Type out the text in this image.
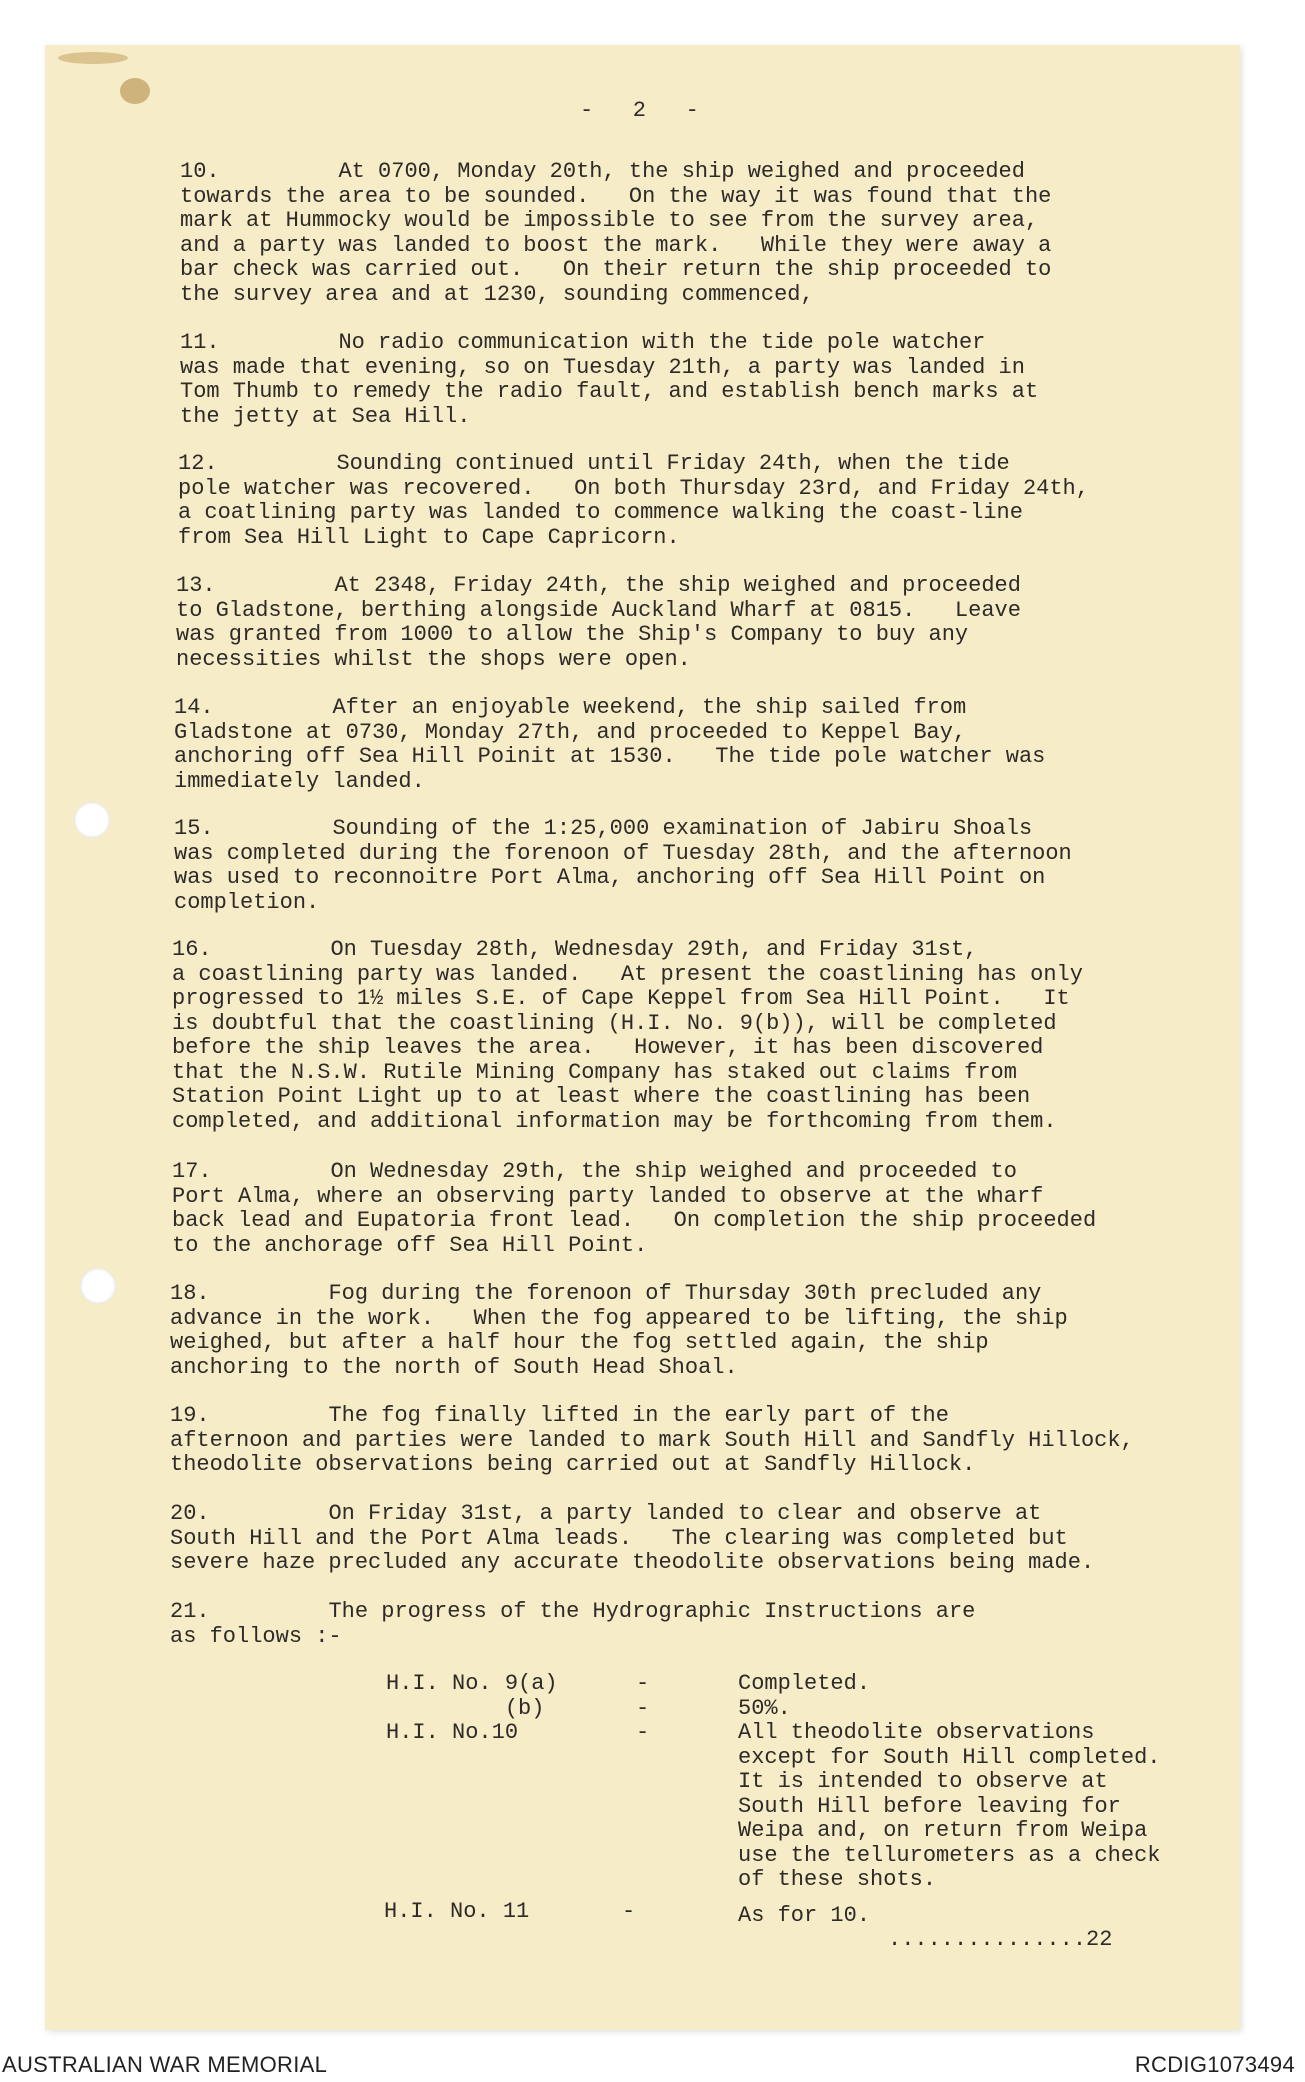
-   2   -
10.	At 0700, Monday 20th, the ship weighed and proceeded
towards the area to be sounded.   On the way it was found that the
mark at Hummocky would be impossible to see from the survey area,
and a party was landed to boost the mark.   While they were away a
bar check was carried out.   On their return the ship proceeded to
the survey area and at 1230, sounding commenced,
11.	No radio communication with the tide pole watcher
was made that evening, so on Tuesday 21th, a party was landed in
Tom Thumb to remedy the radio fault, and establish bench marks at
the jetty at Sea Hill.
12.	Sounding continued until Friday 24th, when the tide
pole watcher was recovered.   On both Thursday 23rd, and Friday 24th,
a coatlining party was landed to commence walking the coast-line
from Sea Hill Light to Cape Capricorn.
13.	At 2348, Friday 24th, the ship weighed and proceeded
to Gladstone, berthing alongside Auckland Wharf at 0815.   Leave
was granted from 1000 to allow the Ship's Company to buy any
necessities whilst the shops were open.
14.	After an enjoyable weekend, the ship sailed from
Gladstone at 0730, Monday 27th, and proceeded to Keppel Bay,
anchoring off Sea Hill Poinit at 1530.   The tide pole watcher was
immediately landed.
15.	Sounding of the 1:25,000 examination of Jabiru Shoals
was completed during the forenoon of Tuesday 28th, and the afternoon
was used to reconnoitre Port Alma, anchoring off Sea Hill Point on
completion.
16.	On Tuesday 28th, Wednesday 29th, and Friday 31st,
a coastlining party was landed.   At present the coastlining has only
progressed to 1½ miles S.E. of Cape Keppel from Sea Hill Point.   It
is doubtful that the coastlining (H.I. No. 9(b)), will be completed
before the ship leaves the area.   However, it has been discovered
that the N.S.W. Rutile Mining Company has staked out claims from
Station Point Light up to at least where the coastlining has been
completed, and additional information may be forthcoming from them.
17.	On Wednesday 29th, the ship weighed and proceeded to
Port Alma, where an observing party landed to observe at the wharf
back lead and Eupatoria front lead.   On completion the ship proceeded
to the anchorage off Sea Hill Point.
18.	Fog during the forenoon of Thursday 30th precluded any
advance in the work.   When the fog appeared to be lifting, the ship
weighed, but after a half hour the fog settled again, the ship
anchoring to the north of South Head Shoal.
19.	The fog finally lifted in the early part of the
afternoon and parties were landed to mark South Hill and Sandfly Hillock,
theodolite observations being carried out at Sandfly Hillock.
20.	On Friday 31st, a party landed to clear and observe at
South Hill and the Port Alma leads.   The clearing was completed but
severe haze precluded any accurate theodolite observations being made.
21.	The progress of the Hydrographic Instructions are
as follows :-
H.I. No. 9(a)	-	Completed.
(b)	-	50%.
H.I. No.10	-	All theodolite observations
except for South Hill completed.
It is intended to observe at
South Hill before leaving for
Weipa and, on return from Weipa
use the tellurometers as a check
of these shots.
H.I. No. 11	-	As for 10.
...............22
AUSTRALIAN WAR MEMORIAL	RCDIG1073494
